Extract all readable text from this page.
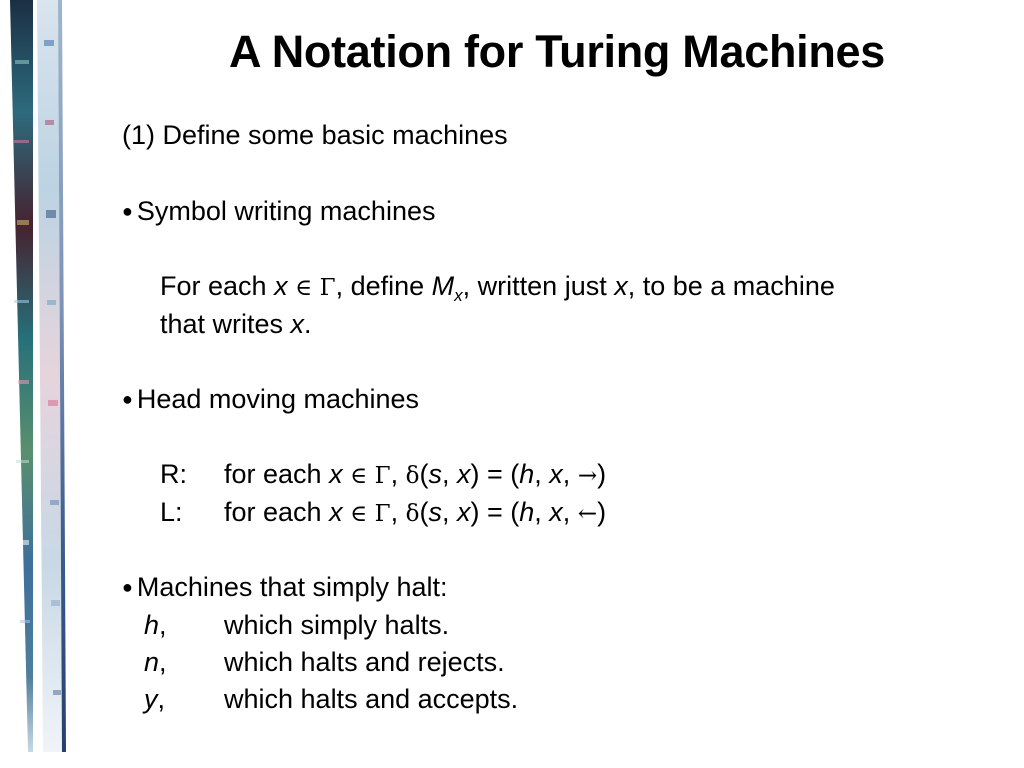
A Notation for Turing Machines
(1) Define some basic machines
● Symbol writing machines
For each x ∈ Γ, define $M_x$, written just x, to be a machine
that writes x.
● Head moving machines
R: for each x ∈ Γ, δ(s, x) = (h, x, →)
L: for each x ∈ Γ, δ(s, x) = (h, x, ←)
● Machines that simply halt:
h, which simply halts.
n, which halts and rejects.
y, which halts and accepts.
